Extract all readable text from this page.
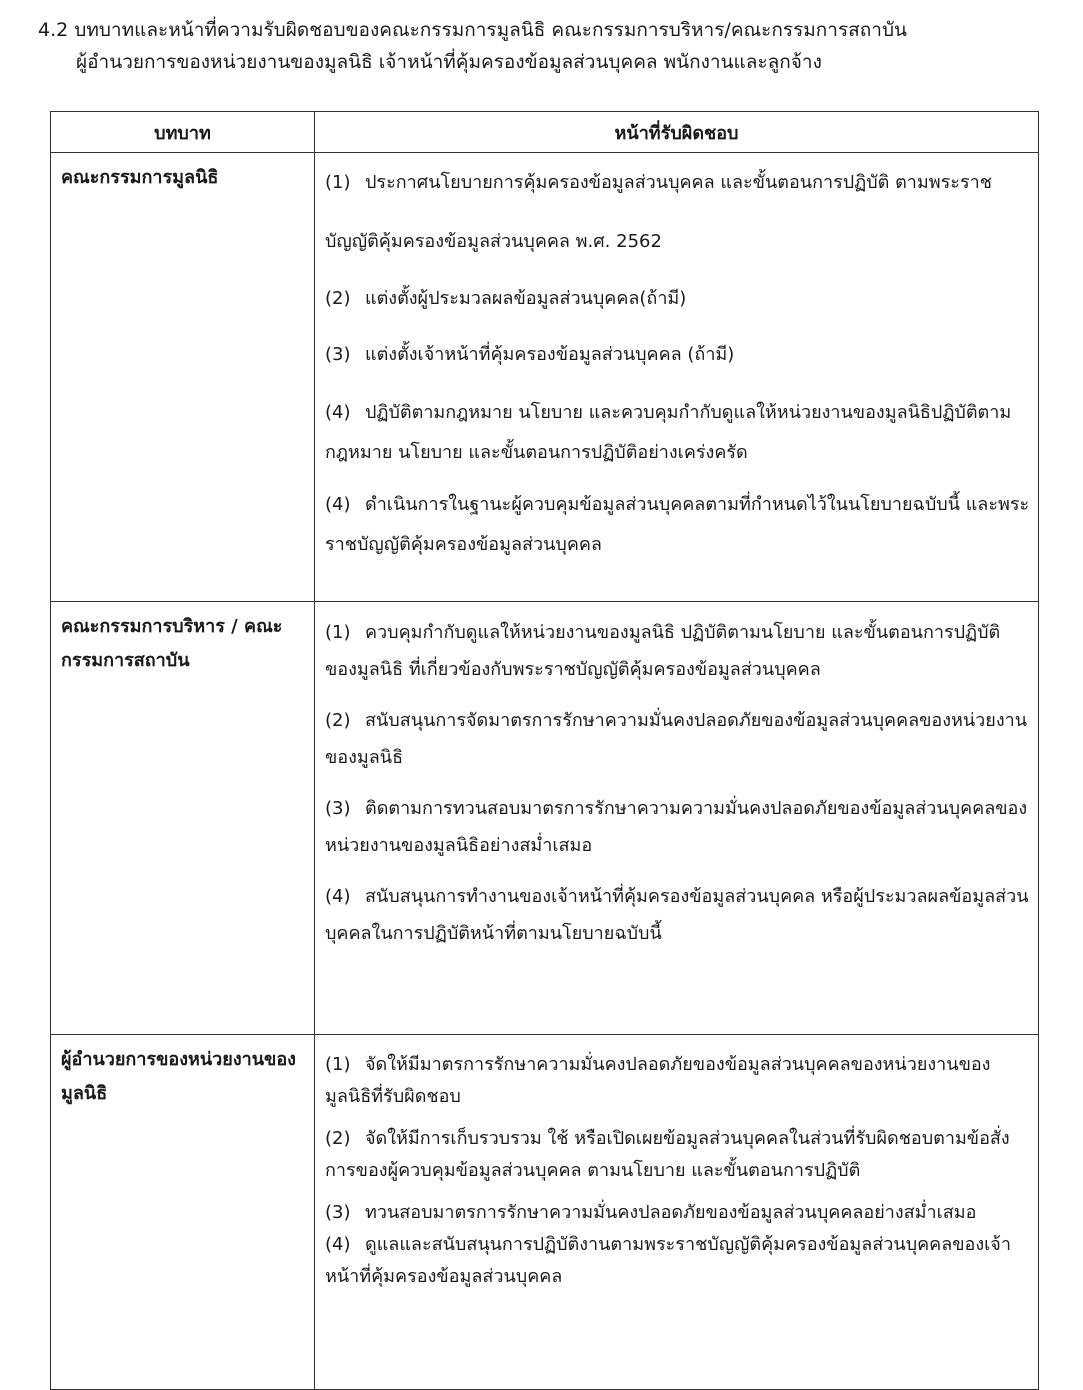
4.2 บทบาทและหน้าที่ความรับผิดชอบของคณะกรรมการมูลนิธิ คณะกรรมการบริหาร/คณะกรรมการสถาบัน
ผู้อำนวยการของหน่วยงานของมูลนิธิ เจ้าหน้าที่คุ้มครองข้อมูลส่วนบุคคล พนักงานและลูกจ้าง
บทบาท	หน้าที่รับผิดชอบ
คณะกรรมการมูลนิธิ	(1) ประกาศนโยบายการคุ้มครองข้อมูลส่วนบุคคล และขั้นตอนการปฏิบัติ ตามพระราชบัญญัติคุ้มครองข้อมูลส่วนบุคคล พ.ศ. 2562

(2) แต่งตั้งผู้ประมวลผลข้อมูลส่วนบุคคล(ถ้ามี)

(3) แต่งตั้งเจ้าหน้าที่คุ้มครองข้อมูลส่วนบุคคล (ถ้ามี)

(4) ปฏิบัติตามกฎหมาย นโยบาย และควบคุมกำกับดูแลให้หน่วยงานของมูลนิธิปฏิบัติตามกฎหมาย นโยบาย และขั้นตอนการปฏิบัติอย่างเคร่งครัด

(4) ดำเนินการในฐานะผู้ควบคุมข้อมูลส่วนบุคคลตามที่กำหนดไว้ในนโยบายฉบับนี้ และพระราชบัญญัติคุ้มครองข้อมูลส่วนบุคคล

คณะกรรมการบริหาร / คณะกรรมการสถาบัน	(1) ควบคุมกำกับดูแลให้หน่วยงานของมูลนิธิ ปฏิบัติตามนโยบาย และขั้นตอนการปฏิบัติของมูลนิธิ ที่เกี่ยวข้องกับพระราชบัญญัติคุ้มครองข้อมูลส่วนบุคคล

(2) สนับสนุนการจัดมาตรการรักษาความมั่นคงปลอดภัยของข้อมูลส่วนบุคคลของหน่วยงานของมูลนิธิ

(3) ติดตามการทวนสอบมาตรการรักษาความความมั่นคงปลอดภัยของข้อมูลส่วนบุคคลของหน่วยงานของมูลนิธิอย่างสม่ำเสมอ

(4) สนับสนุนการทำงานของเจ้าหน้าที่คุ้มครองข้อมูลส่วนบุคคล หรือผู้ประมวลผลข้อมูลส่วนบุคคลในการปฏิบัติหน้าที่ตามนโยบายฉบับนี้

ผู้อำนวยการของหน่วยงานของมูลนิธิ	(1) จัดให้มีมาตรการรักษาความมั่นคงปลอดภัยของข้อมูลส่วนบุคคลของหน่วยงานของมูลนิธิที่รับผิดชอบ

(2) จัดให้มีการเก็บรวบรวม ใช้ หรือเปิดเผยข้อมูลส่วนบุคคลในส่วนที่รับผิดชอบตามข้อสั่งการของผู้ควบคุมข้อมูลส่วนบุคคล ตามนโยบาย และขั้นตอนการปฏิบัติ

(3) ทวนสอบมาตรการรักษาความมั่นคงปลอดภัยของข้อมูลส่วนบุคคลอย่างสม่ำเสมอ

(4) ดูแลและสนับสนุนการปฏิบัติงานตามพระราชบัญญัติคุ้มครองข้อมูลส่วนบุคคลของเจ้าหน้าที่คุ้มครองข้อมูลส่วนบุคคล
